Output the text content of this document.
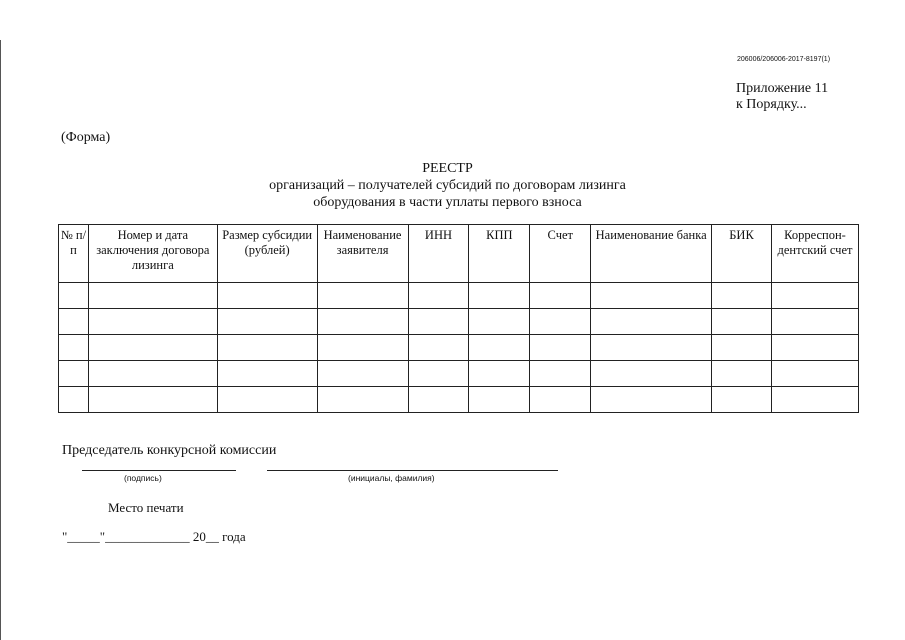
206006/206006-2017-8197(1)
Приложение 11
к Порядку...
(Форма)
РЕЕСТР
организаций – получателей субсидий по договорам лизинга
оборудования в части уплаты первого взноса
№ п/п	Номер и дата заключения договора лизинга	Размер субсидии (рублей)	Наименование заявителя	ИНН	КПП	Счет	Наименование банка	БИК	Корреспон-дентский счет

Председатель конкурсной комиссии
(подпись)	(инициалы, фамилия)
Место печати
"_____"_____________ 20__ года
